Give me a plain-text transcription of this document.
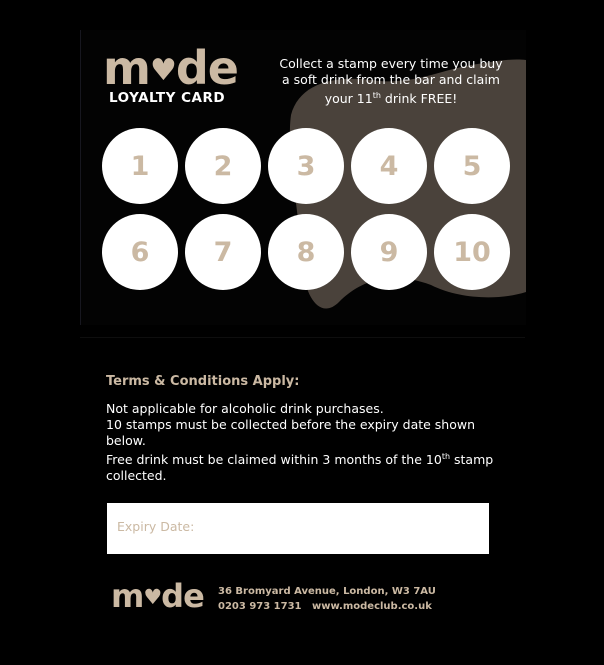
m♥de
LOYALTY CARD
Collect a stamp every time you buy
a soft drink from the bar and claim
your 11th drink FREE!
1	2	3	4	5
6	7	8	9	10

Terms & Conditions Apply:

Not applicable for alcoholic drink purchases.

10 stamps must be collected before the expiry date shown below.

Free drink must be claimed within 3 months of the 10th stamp collected.

Expiry Date:
m♥de 36 Bromyard Avenue, London, W3 7AU
0203 973 1731 www.modeclub.co.uk
